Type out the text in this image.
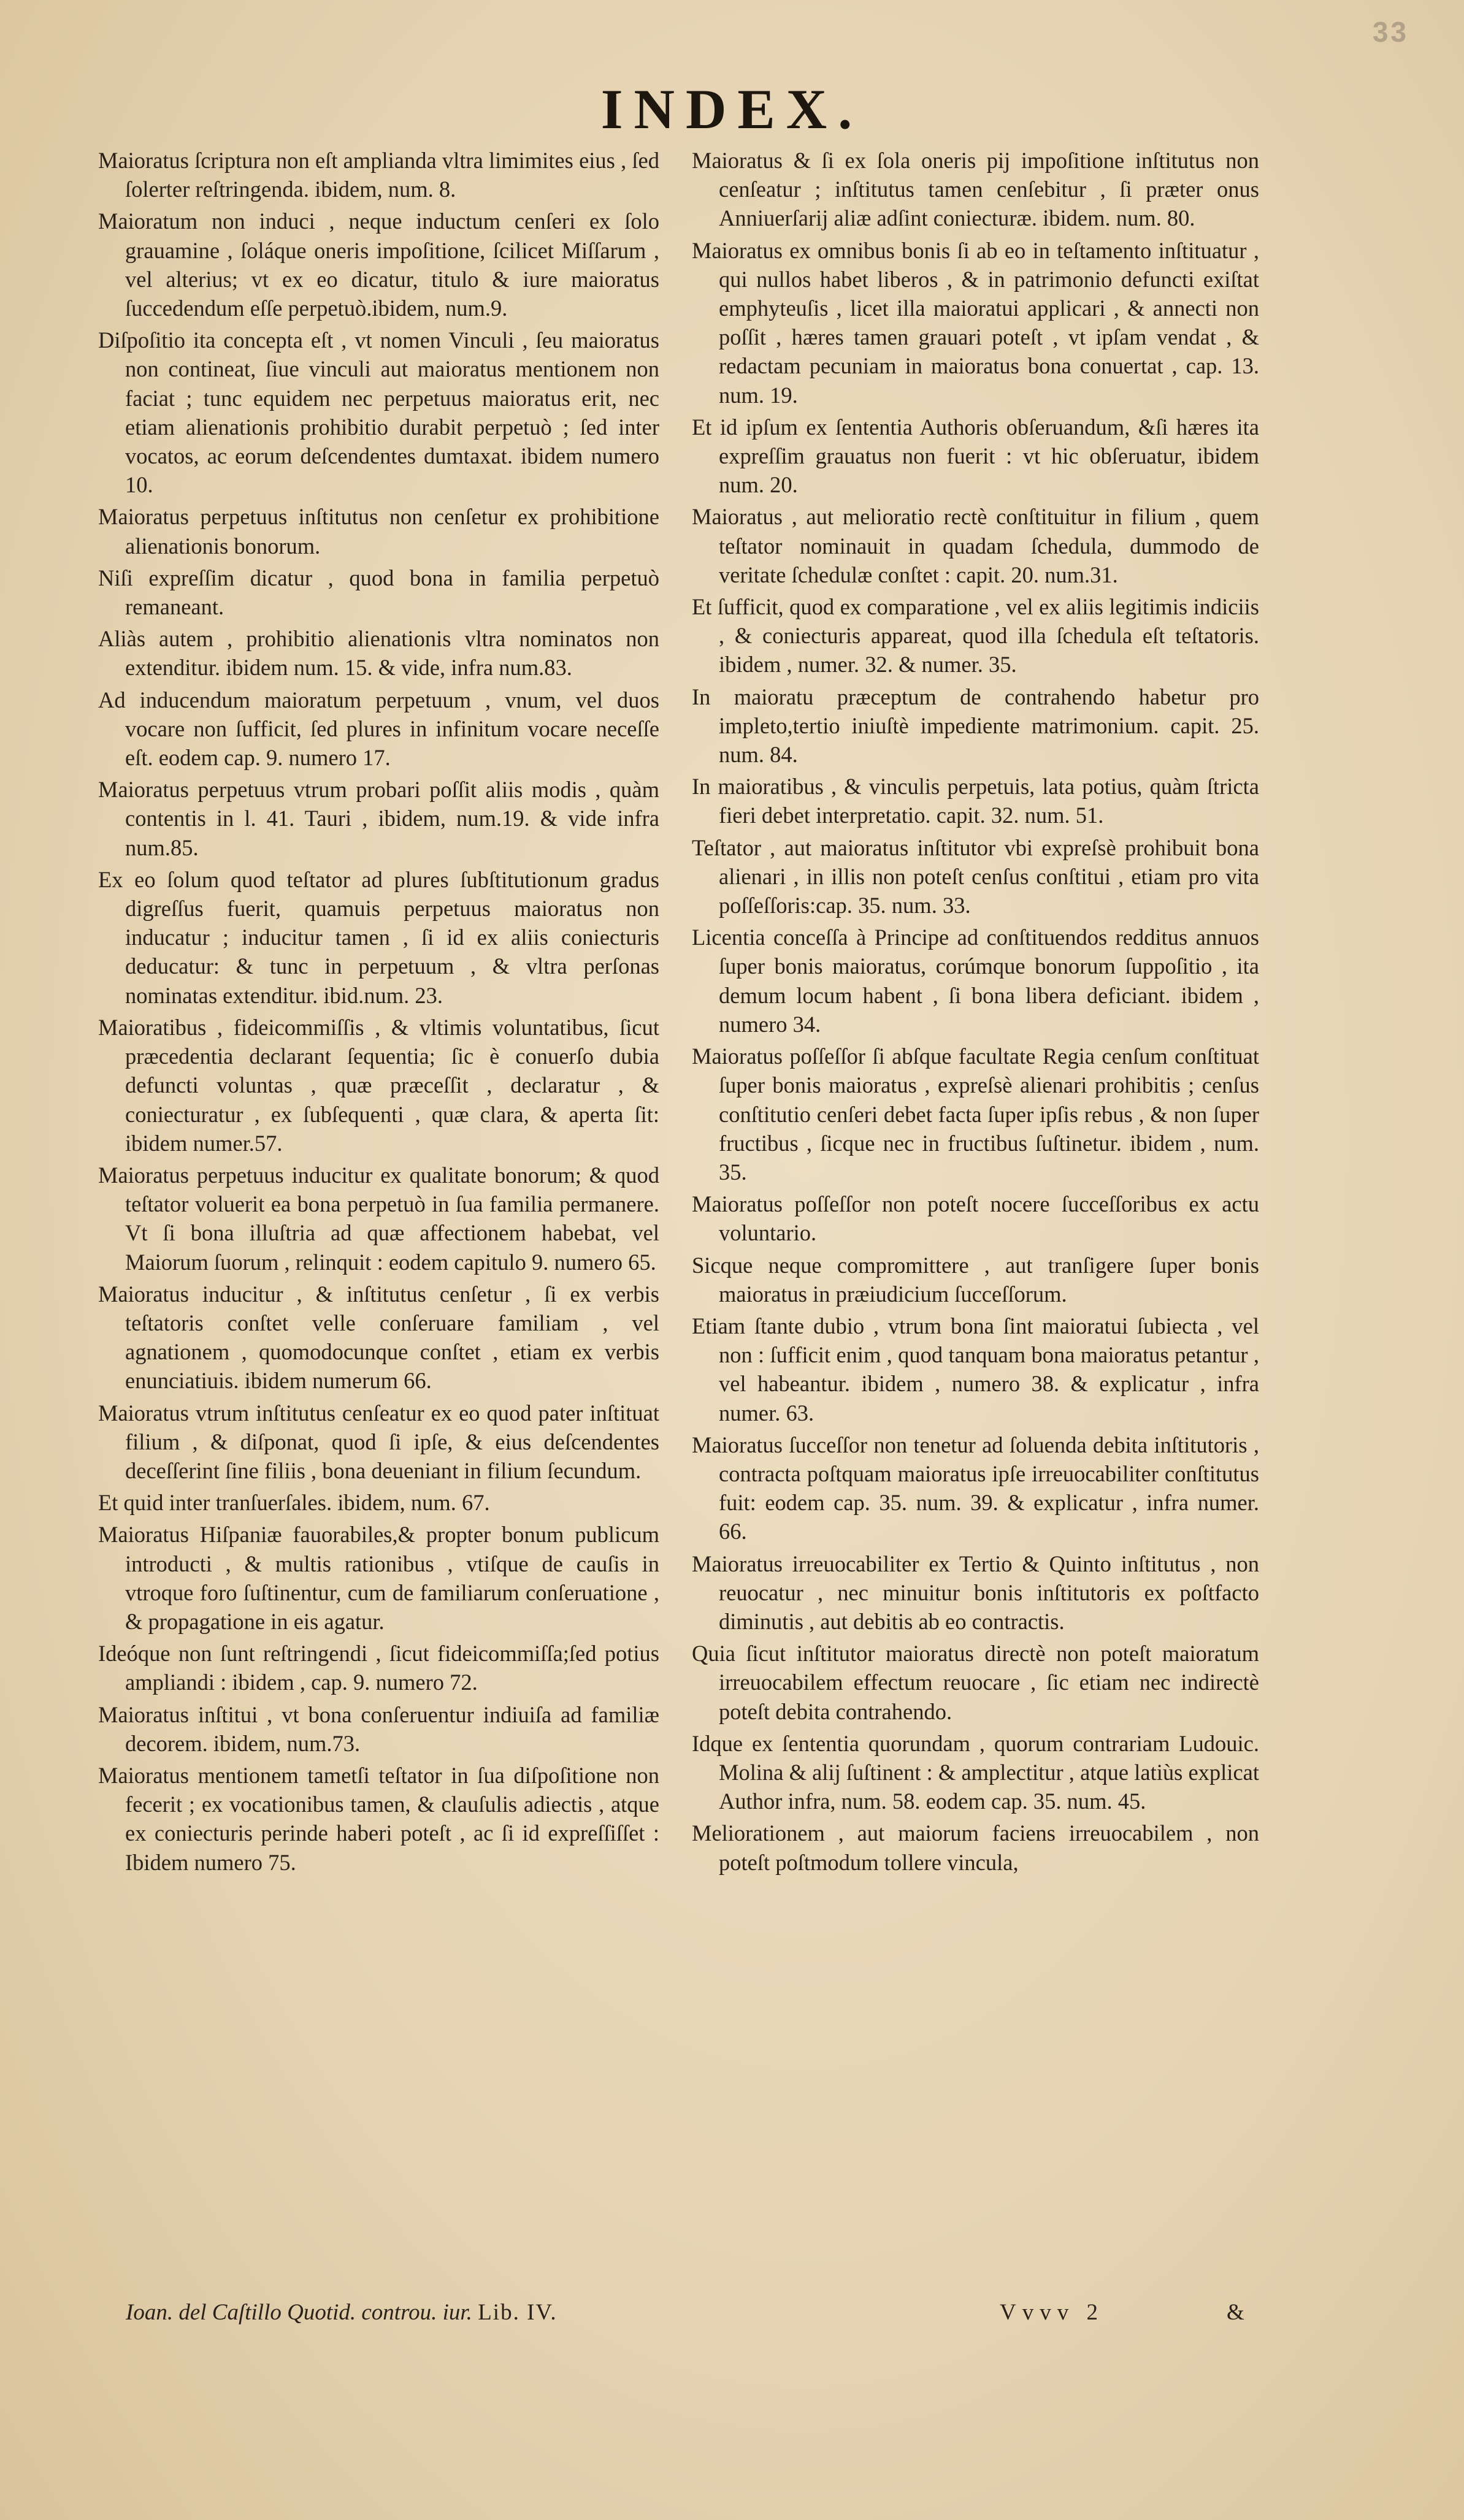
33
INDEX.

Maioratus ſcriptura non eſt amplianda vltra limimites eius , ſed ſolerter reſtringenda. ibidem, num. 8.

Maioratum non induci , neque inductum cenſeri ex ſolo grauamine , ſoláque oneris impoſitione, ſcilicet Miſſarum , vel alterius; vt ex eo dicatur, titulo & iure maioratus ſuccedendum eſſe perpetuò.ibidem, num.9.

Diſpoſitio ita concepta eſt , vt nomen Vinculi , ſeu maioratus non contineat, ſiue vinculi aut maioratus mentionem non faciat ; tunc equidem nec perpetuus maioratus erit, nec etiam alienationis prohibitio durabit perpetuò ; ſed inter vocatos, ac eorum deſcendentes dumtaxat. ibidem numero 10.

Maioratus perpetuus inſtitutus non cenſetur ex prohibitione alienationis bonorum.

Niſi expreſſim dicatur , quod bona in familia perpetuò remaneant.

Aliàs autem , prohibitio alienationis vltra nominatos non extenditur. ibidem num. 15. & vide, infra num.83.

Ad inducendum maioratum perpetuum , vnum, vel duos vocare non ſufficit, ſed plures in infinitum vocare neceſſe eſt. eodem cap. 9. numero 17.

Maioratus perpetuus vtrum probari poſſit aliis modis , quàm contentis in l. 41. Tauri , ibidem, num.19. & vide infra num.85.

Ex eo ſolum quod teſtator ad plures ſubſtitutionum gradus digreſſus fuerit, quamuis perpetuus maioratus non inducatur ; inducitur tamen , ſi id ex aliis coniecturis deducatur: & tunc in perpetuum , & vltra perſonas nominatas extenditur. ibid.num. 23.

Maioratibus , fideicommiſſis , & vltimis voluntatibus, ſicut præcedentia declarant ſequentia; ſic è conuerſo dubia defuncti voluntas , quæ præceſſit , declaratur , & coniecturatur , ex ſubſequenti , quæ clara, & aperta ſit: ibidem numer.57.

Maioratus perpetuus inducitur ex qualitate bonorum; & quod teſtator voluerit ea bona perpetuò in ſua familia permanere. Vt ſi bona illuſtria ad quæ affectionem habebat, vel Maiorum ſuorum , relinquit : eodem capitulo 9. numero 65.

Maioratus inducitur , & inſtitutus cenſetur , ſi ex verbis teſtatoris conſtet velle conſeruare familiam , vel agnationem , quomodocunque conſtet , etiam ex verbis enunciatiuis. ibidem numerum 66.

Maioratus vtrum inſtitutus cenſeatur ex eo quod pater inſtituat filium , & diſponat, quod ſi ipſe, & eius deſcendentes deceſſerint ſine filiis , bona deueniant in filium ſecundum.

Et quid inter tranſuerſales. ibidem, num. 67.

Maioratus Hiſpaniæ fauorabiles,& propter bonum publicum introducti , & multis rationibus , vtiſque de cauſis in vtroque foro ſuſtinentur, cum de familiarum conſeruatione , & propagatione in eis agatur.

Ideóque non ſunt reſtringendi , ſicut fideicommiſſa;ſed potius ampliandi : ibidem , cap. 9. numero 72.

Maioratus inſtitui , vt bona conſeruentur indiuiſa ad familiæ decorem. ibidem, num.73.

Maioratus mentionem tametſi teſtator in ſua diſpoſitione non fecerit ; ex vocationibus tamen, & clauſulis adiectis , atque ex coniecturis perinde haberi poteſt , ac ſi id expreſſiſſet : Ibidem numero 75.

Maioratus & ſi ex ſola oneris pij impoſitione inſtitutus non cenſeatur ; inſtitutus tamen cenſebitur , ſi præter onus Anniuerſarij aliæ adſint coniecturæ. ibidem. num. 80.

Maioratus ex omnibus bonis ſi ab eo in teſtamento inſtituatur , qui nullos habet liberos , & in patrimonio defuncti exiſtat emphyteuſis , licet illa maioratui applicari , & annecti non poſſit , hæres tamen grauari poteſt , vt ipſam vendat , & redactam pecuniam in maioratus bona conuertat , cap. 13. num. 19.

Et id ipſum ex ſententia Authoris obſeruandum, &ſi hæres ita expreſſim grauatus non fuerit : vt hic obſeruatur, ibidem num. 20.

Maioratus , aut melioratio rectè conſtituitur in filium , quem teſtator nominauit in quadam ſchedula, dummodo de veritate ſchedulæ conſtet : capit. 20. num.31.

Et ſufficit, quod ex comparatione , vel ex aliis legitimis indiciis , & coniecturis appareat, quod illa ſchedula eſt teſtatoris. ibidem , numer. 32. & numer. 35.

In maioratu præceptum de contrahendo habetur pro impleto,tertio iniuſtè impediente matrimonium. capit. 25. num. 84.

In maioratibus , & vinculis perpetuis, lata potius, quàm ſtricta fieri debet interpretatio. capit. 32. num. 51.

Teſtator , aut maioratus inſtitutor vbi expreſsè prohibuit bona alienari , in illis non poteſt cenſus conſtitui , etiam pro vita poſſeſſoris:cap. 35. num. 33.

Licentia conceſſa à Principe ad conſtituendos redditus annuos ſuper bonis maioratus, corúmque bonorum ſuppoſitio , ita demum locum habent , ſi bona libera deficiant. ibidem , numero 34.

Maioratus poſſeſſor ſi abſque facultate Regia cenſum conſtituat ſuper bonis maioratus , expreſsè alienari prohibitis ; cenſus conſtitutio cenſeri debet facta ſuper ipſis rebus , & non ſuper fructibus , ſicque nec in fructibus ſuſtinetur. ibidem , num. 35.

Maioratus poſſeſſor non poteſt nocere ſucceſſoribus ex actu voluntario.

Sicque neque compromittere , aut tranſigere ſuper bonis maioratus in præiudicium ſucceſſorum.

Etiam ſtante dubio , vtrum bona ſint maioratui ſubiecta , vel non : ſufficit enim , quod tanquam bona maioratus petantur , vel habeantur. ibidem , numero 38. & explicatur , infra numer. 63.

Maioratus ſucceſſor non tenetur ad ſoluenda debita inſtitutoris , contracta poſtquam maioratus ipſe irreuocabiliter conſtitutus fuit: eodem cap. 35. num. 39. & explicatur , infra numer. 66.

Maioratus irreuocabiliter ex Tertio & Quinto inſtitutus , non reuocatur , nec minuitur bonis inſtitutoris ex poſtfacto diminutis , aut debitis ab eo contractis.

Quia ſicut inſtitutor maioratus directè non poteſt maioratum irreuocabilem effectum reuocare , ſic etiam nec indirectè poteſt debita contrahendo.

Idque ex ſententia quorundam , quorum contrariam Ludouic. Molina & alij ſuſtinent : & amplectitur , atque latiùs explicat Author infra, num. 58. eodem cap. 35. num. 45.

Meliorationem , aut maiorum faciens irreuocabilem , non poteſt poſtmodum tollere vincula,

Ioan. del Caſtillo Quotid. controu. iur. Lib. IV.	Vvvv 2	&
